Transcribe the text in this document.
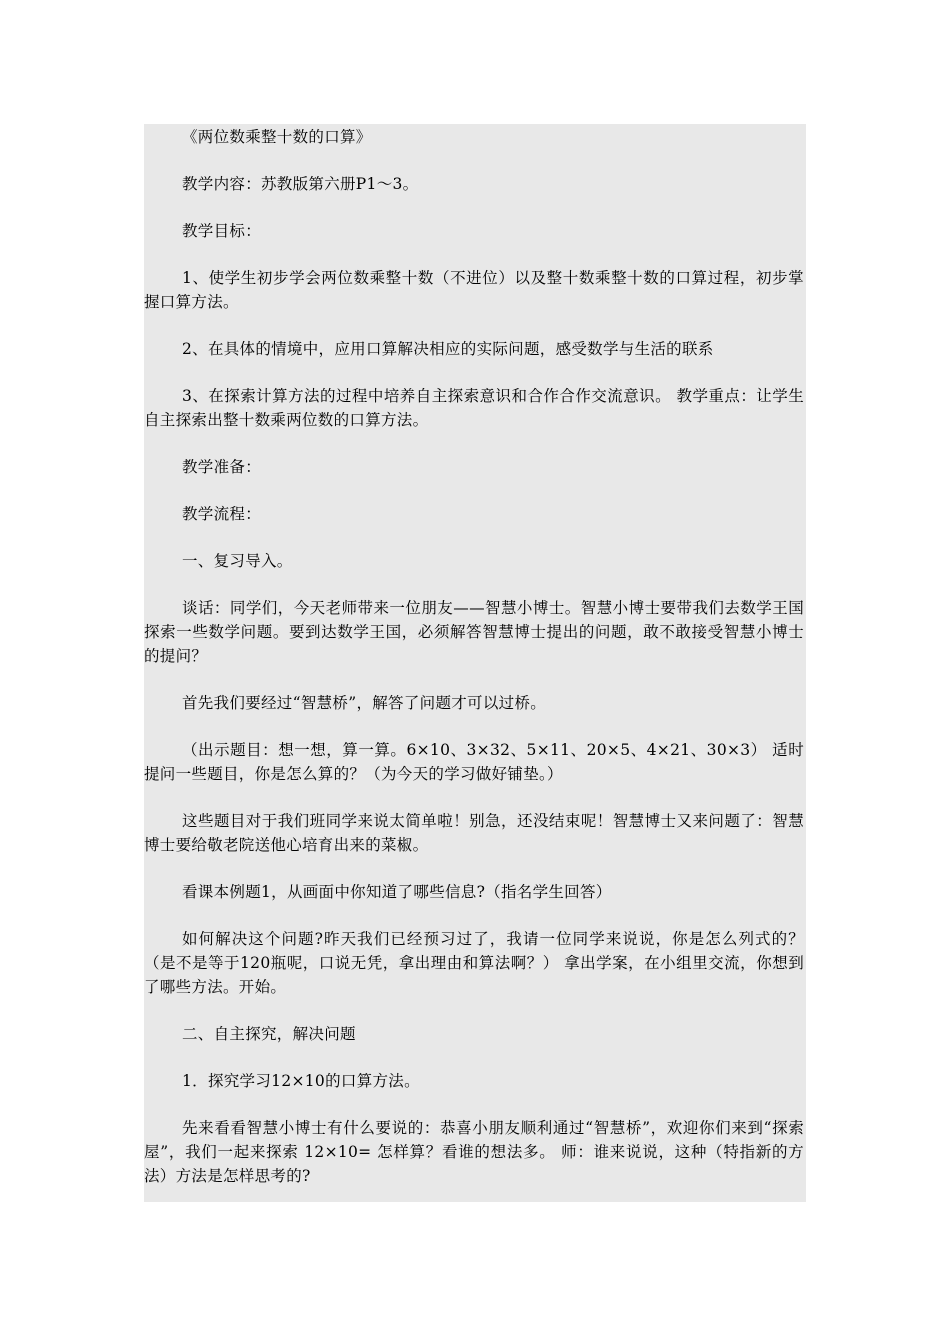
《两位数乘整十数的口算》

教学内容：苏教版第六册P1～3。

教学目标：

1、使学生初步学会两位数乘整十数（不进位）以及整十数乘整十数的口算过程，初步掌握口算方法。

2、在具体的情境中，应用口算解决相应的实际问题，感受数学与生活的联系

3、在探索计算方法的过程中培养自主探索意识和合作合作交流意识。 教学重点：让学生自主探索出整十数乘两位数的口算方法。

教学准备：

教学流程：

一、复习导入。

谈话：同学们，今天老师带来一位朋友——智慧小博士。智慧小博士要带我们去数学王国探索一些数学问题。要到达数学王国，必须解答智慧博士提出的问题，敢不敢接受智慧小博士的提问？

首先我们要经过“智慧桥”，解答了问题才可以过桥。

（出示题目：想一想，算一算。6×10、3×32、5×11、20×5、4×21、30×3） 适时提问一些题目，你是怎么算的？（为今天的学习做好铺垫。）

这些题目对于我们班同学来说太简单啦！别急，还没结束呢！智慧博士又来问题了：智慧博士要给敬老院送他心培育出来的菜椒。

看课本例题1，从画面中你知道了哪些信息?（指名学生回答）

如何解决这个问题?昨天我们已经预习过了，我请一位同学来说说，你是怎么列式的？（是不是等于120瓶呢，口说无凭，拿出理由和算法啊？） 拿出学案，在小组里交流，你想到了哪些方法。开始。

二、自主探究，解决问题

1．探究学习12×10的口算方法。

先来看看智慧小博士有什么要说的：恭喜小朋友顺利通过“智慧桥”，欢迎你们来到“探索屋”，我们一起来探索 12×10= 怎样算？看谁的想法多。 师：谁来说说，这种（特指新的方法）方法是怎样思考的?
